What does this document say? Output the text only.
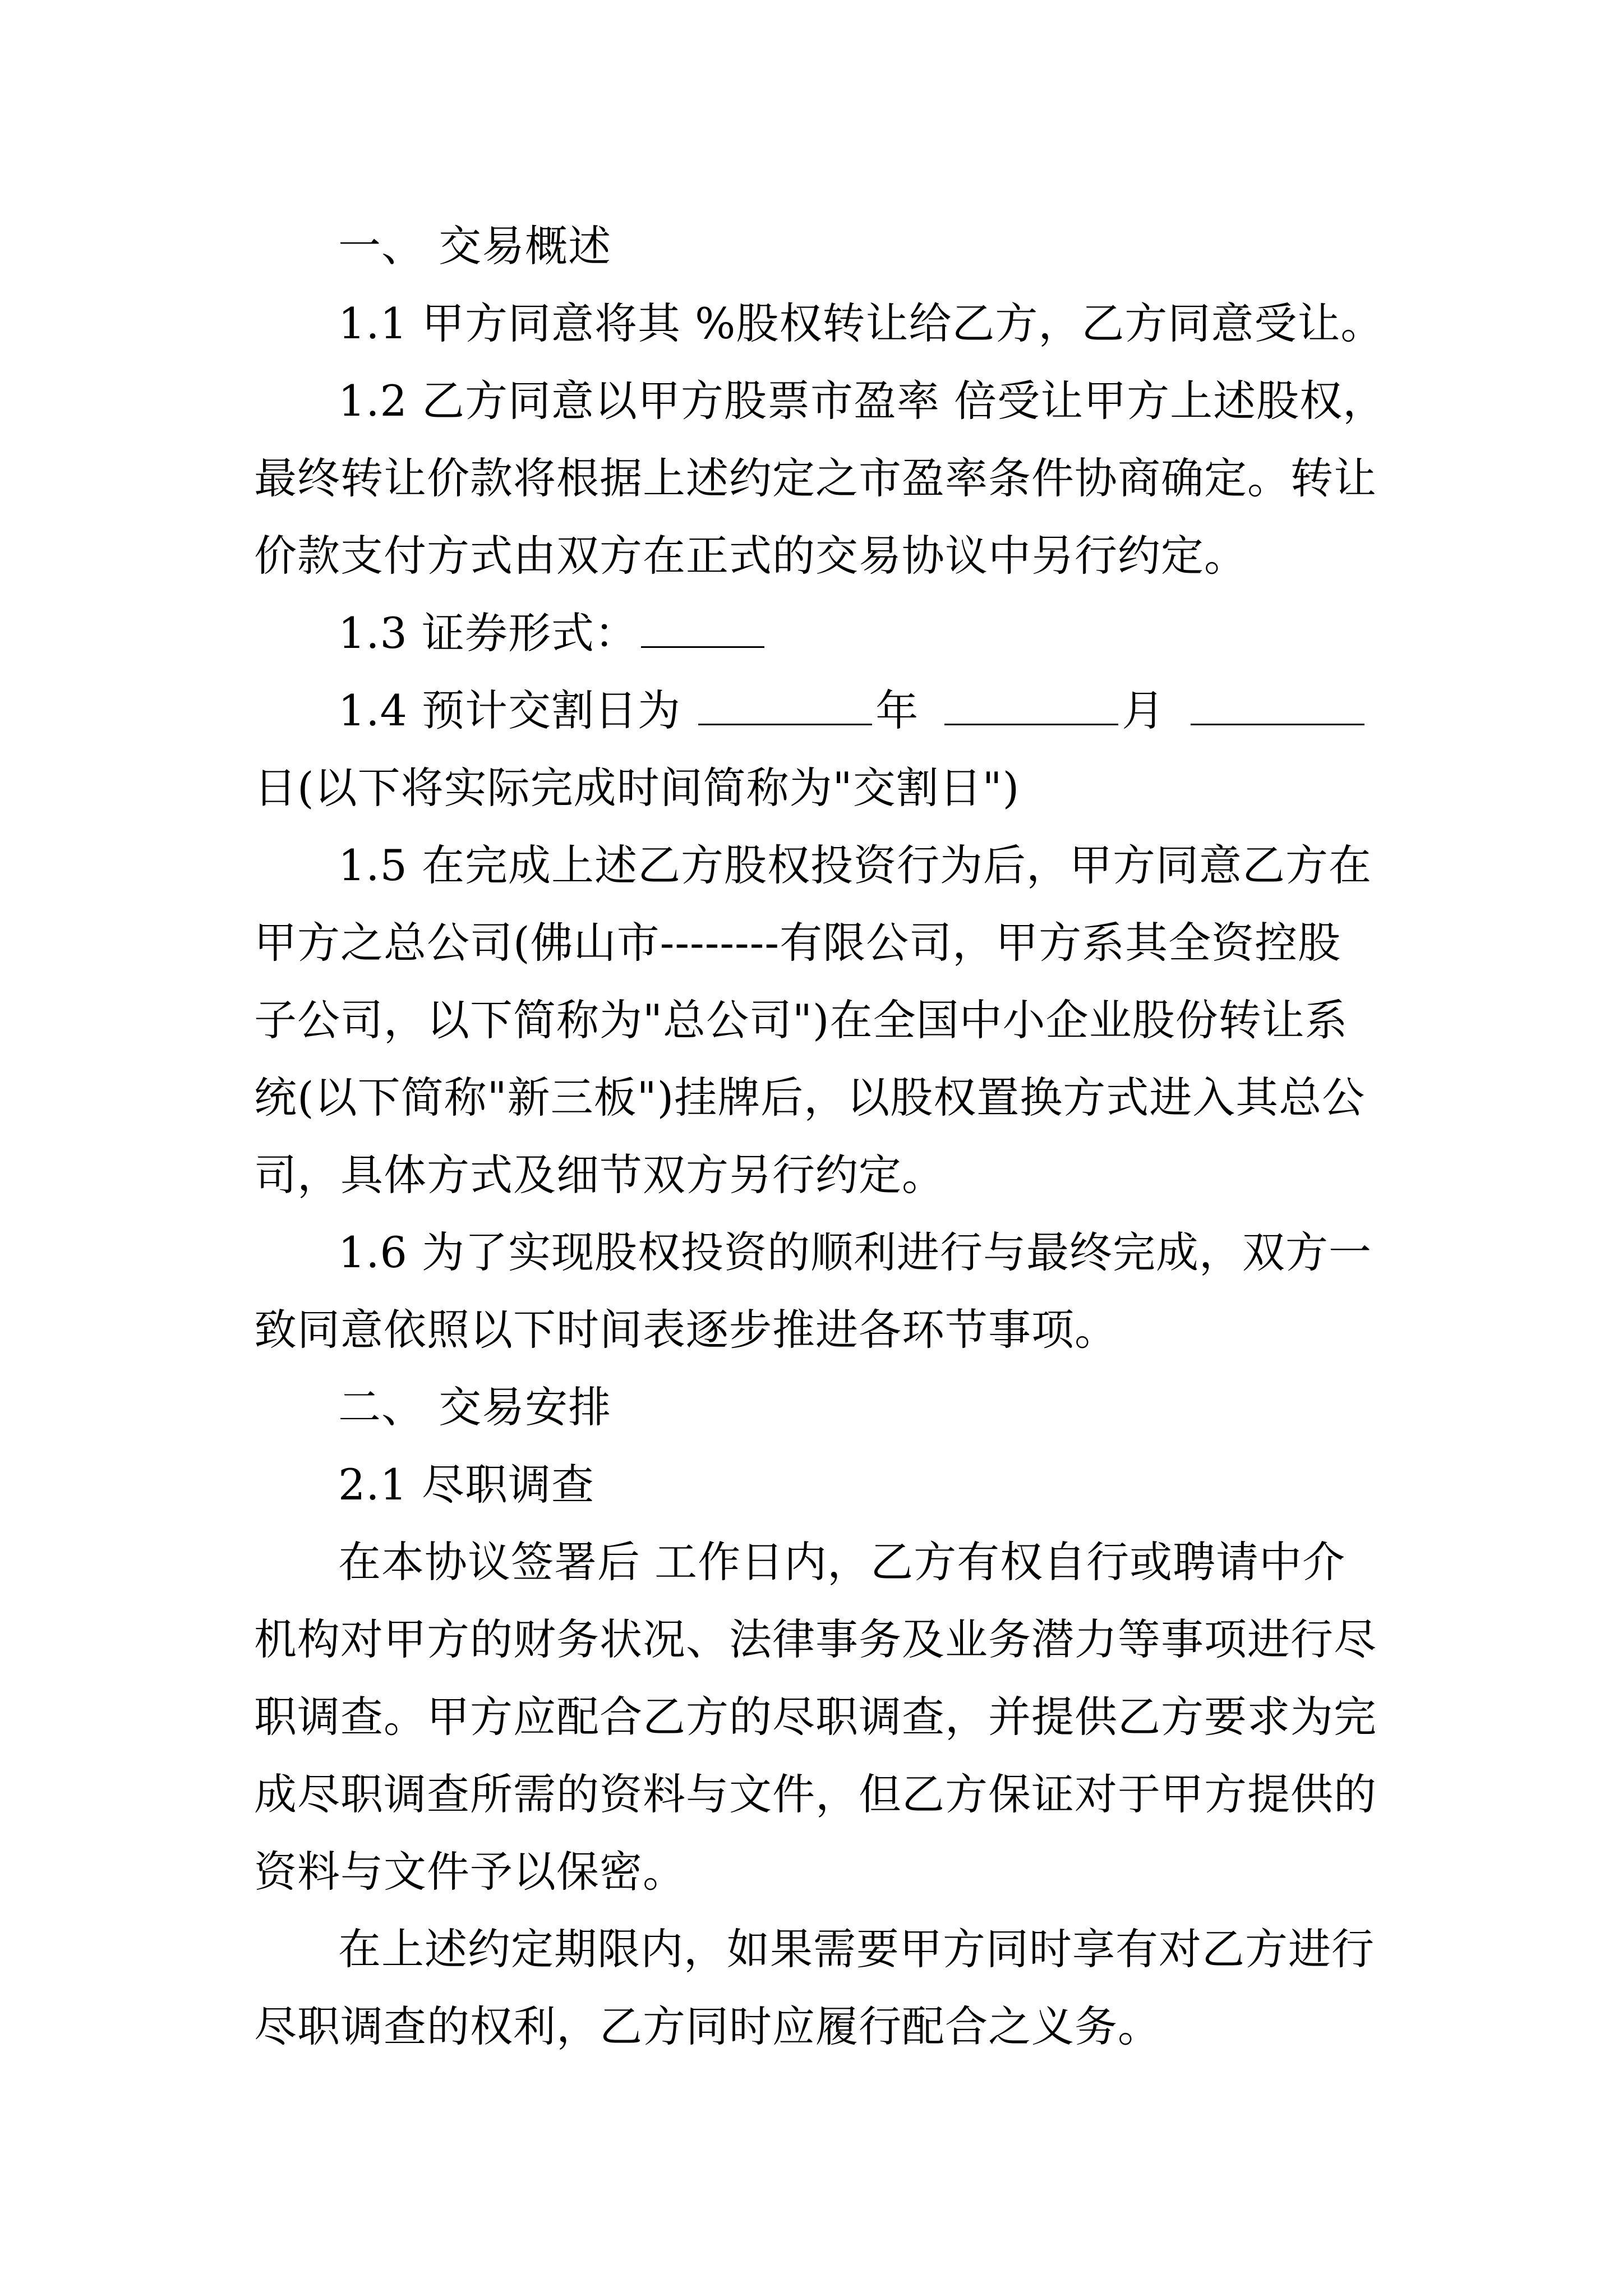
一、 交易概述

1.1 甲方同意将其 %股权转让给乙方，乙方同意受让。

1.2 乙方同意以甲方股票市盈率 倍受让甲方上述股权，

最终转让价款将根据上述约定之市盈率条件协商确定。转让

价款支付方式由双方在正式的交易协议中另行约定。

1.3 证券形式：

1.4 预计交割日为	年	月

日(以下将实际完成时间简称为"交割日")

1.5 在完成上述乙方股权投资行为后，甲方同意乙方在

甲方之总公司(佛山市--------有限公司，甲方系其全资控股

子公司，以下简称为"总公司")在全国中小企业股份转让系

统(以下简称"新三板")挂牌后，以股权置换方式进入其总公

司，具体方式及细节双方另行约定。

1.6 为了实现股权投资的顺利进行与最终完成，双方一

致同意依照以下时间表逐步推进各环节事项。

二、 交易安排

2.1 尽职调查

在本协议签署后 工作日内，乙方有权自行或聘请中介

机构对甲方的财务状况、法律事务及业务潜力等事项进行尽

职调查。甲方应配合乙方的尽职调查，并提供乙方要求为完

成尽职调查所需的资料与文件，但乙方保证对于甲方提供的

资料与文件予以保密。

在上述约定期限内，如果需要甲方同时享有对乙方进行

尽职调查的权利，乙方同时应履行配合之义务。
